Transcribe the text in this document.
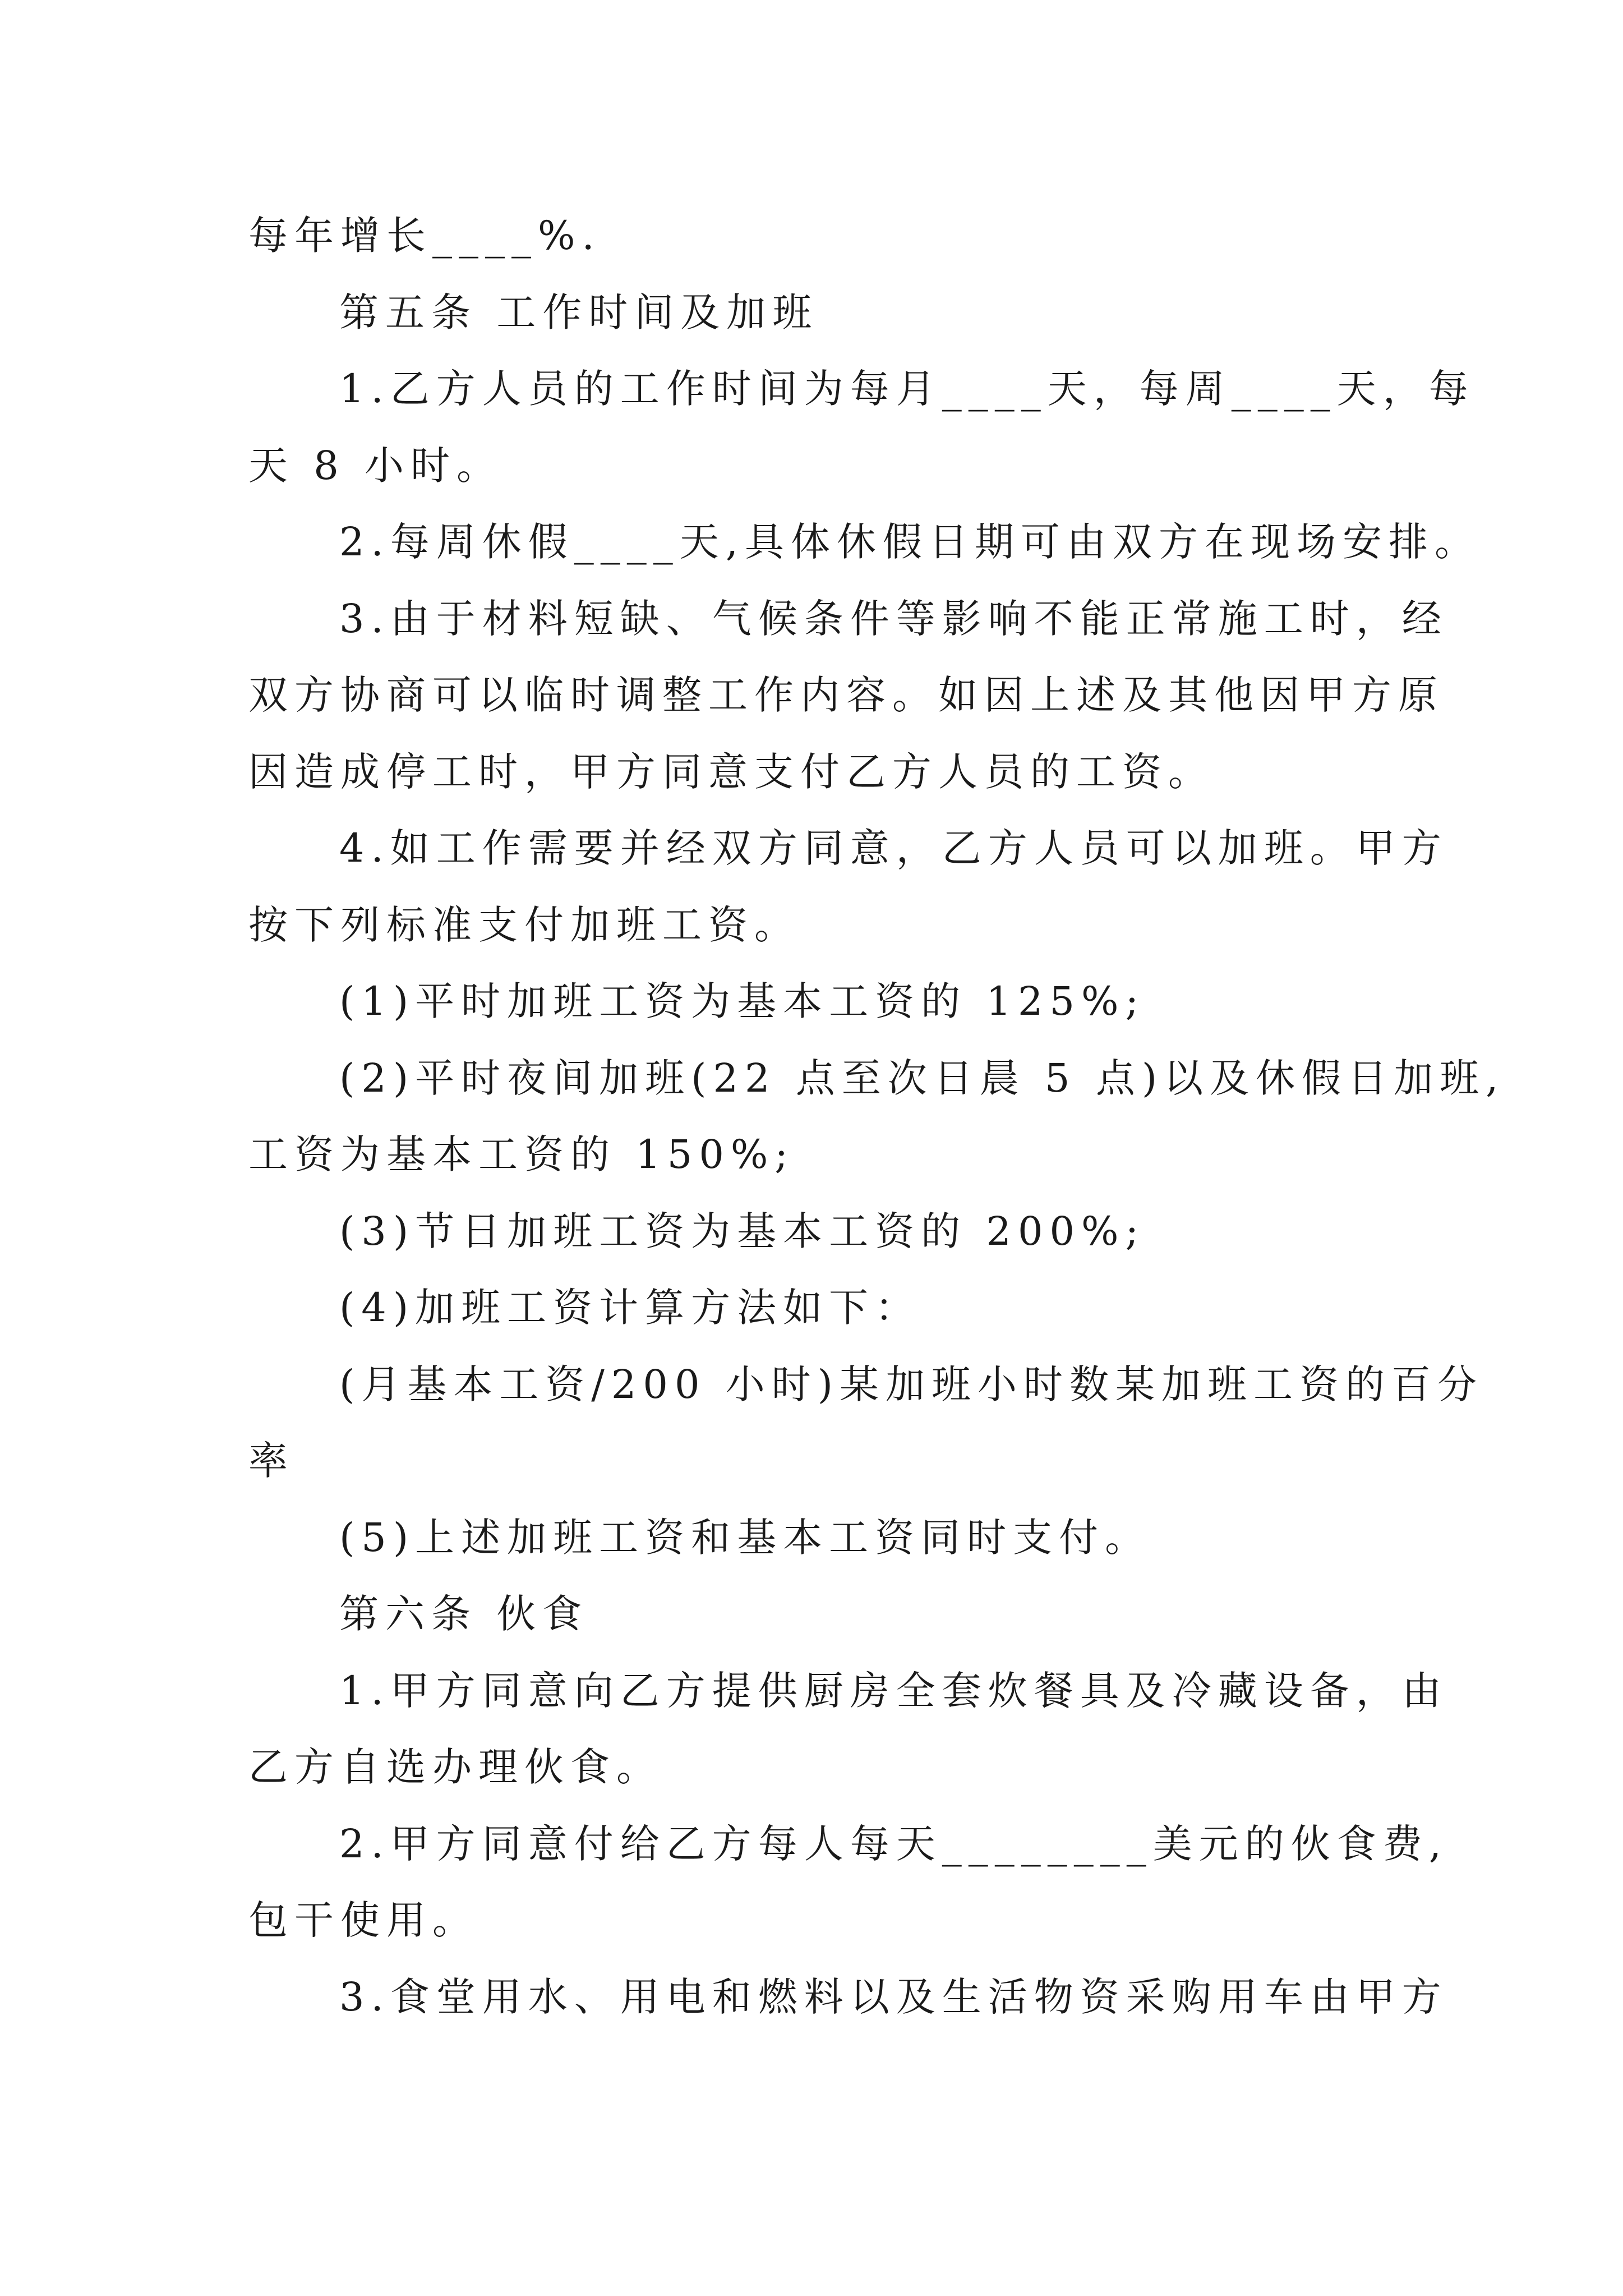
每年增长____%.
第五条 工作时间及加班
1.乙方人员的工作时间为每月____天，每周____天，每
天 8 小时。
2.每周休假____天,具体休假日期可由双方在现场安排。
3.由于材料短缺、气候条件等影响不能正常施工时，经
双方协商可以临时调整工作内容。如因上述及其他因甲方原
因造成停工时，甲方同意支付乙方人员的工资。
4.如工作需要并经双方同意，乙方人员可以加班。甲方
按下列标准支付加班工资。
(1)平时加班工资为基本工资的 125%;
(2)平时夜间加班(22 点至次日晨 5 点)以及休假日加班,
工资为基本工资的 150%;
(3)节日加班工资为基本工资的 200%;
(4)加班工资计算方法如下：
(月基本工资/200 小时)某加班小时数某加班工资的百分
率
(5)上述加班工资和基本工资同时支付。
第六条 伙食
1.甲方同意向乙方提供厨房全套炊餐具及冷藏设备，由
乙方自选办理伙食。
2.甲方同意付给乙方每人每天________美元的伙食费,
包干使用。
3.食堂用水、用电和燃料以及生活物资采购用车由甲方
